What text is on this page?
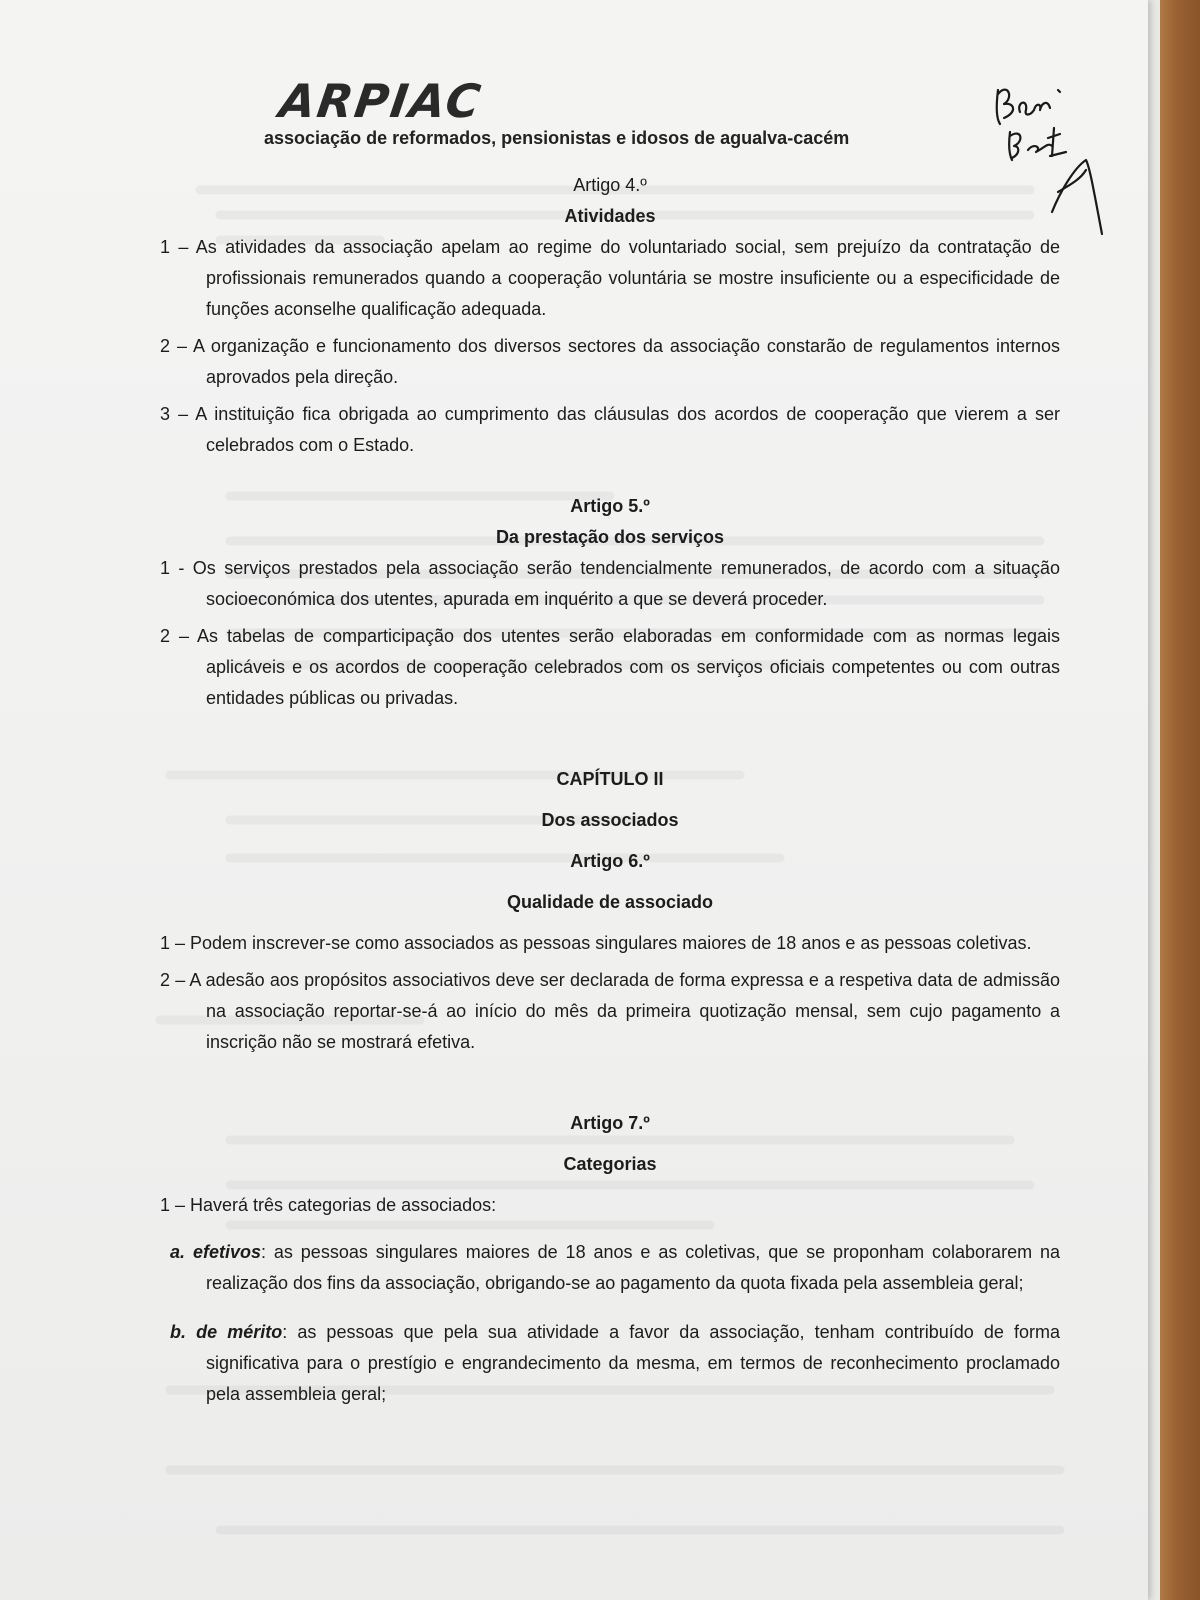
ARPIAC
associação de reformados, pensionistas e idosos de agualva-cacém

Artigo 4.º

Atividades

1 – As atividades da associação apelam ao regime do voluntariado social, sem prejuízo da contratação de profissionais remunerados quando a cooperação voluntária se mostre insuficiente ou a especificidade de funções aconselhe qualificação adequada.

2 – A organização e funcionamento dos diversos sectores da associação constarão de regulamentos internos aprovados pela direção.

3 – A instituição fica obrigada ao cumprimento das cláusulas dos acordos de cooperação que vierem a ser celebrados com o Estado.

Artigo 5.º

Da prestação dos serviços

1 - Os serviços prestados pela associação serão tendencialmente remunerados, de acordo com a situação socioeconómica dos utentes, apurada em inquérito a que se deverá proceder.

2 – As tabelas de comparticipação dos utentes serão elaboradas em conformidade com as normas legais aplicáveis e os acordos de cooperação celebrados com os serviços oficiais competentes ou com outras entidades públicas ou privadas.

CAPÍTULO II

Dos associados

Artigo 6.º

Qualidade de associado

1 – Podem inscrever-se como associados as pessoas singulares maiores de 18 anos e as pessoas coletivas.

2 – A adesão aos propósitos associativos deve ser declarada de forma expressa e a respetiva data de admissão na associação reportar-se-á ao início do mês da primeira quotização mensal, sem cujo pagamento a inscrição não se mostrará efetiva.

Artigo 7.º

Categorias

1 – Haverá três categorias de associados:

a. efetivos: as pessoas singulares maiores de 18 anos e as coletivas, que se proponham colaborarem na realização dos fins da associação, obrigando-se ao pagamento da quota fixada pela assembleia geral;

b. de mérito: as pessoas que pela sua atividade a favor da associação, tenham contribuído de forma significativa para o prestígio e engrandecimento da mesma, em termos de reconhecimento proclamado pela assembleia geral;
